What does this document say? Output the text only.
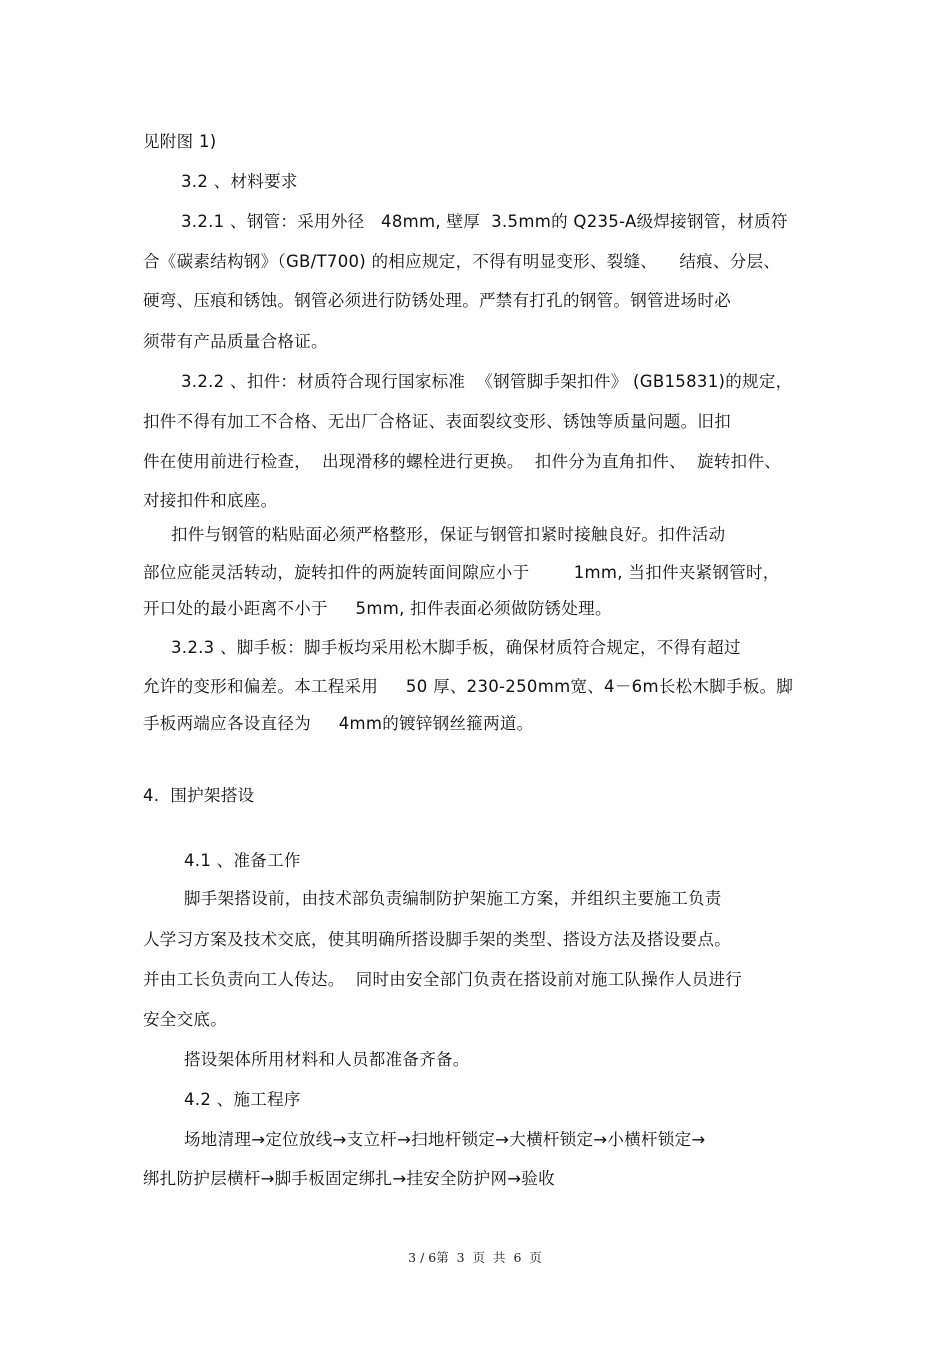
见附图 1)
3.2 、材料要求
3.2.1 、钢管：采用外径   48mm, 壁厚  3.5mm的 Q235-A级焊接钢管，材质符
合《碳素结构钢》（GB/T700) 的相应规定，不得有明显变形、裂缝、    结痕、分层、
硬弯、压痕和锈蚀。钢管必须进行防锈处理。严禁有打孔的钢管。钢管进场时必
须带有产品质量合格证。
3.2.2 、扣件：材质符合现行国家标准  《钢管脚手架扣件》 (GB15831)的规定，
扣件不得有加工不合格、无出厂合格证、表面裂纹变形、锈蚀等质量问题。旧扣
件在使用前进行检查，  出现滑移的螺栓进行更换。  扣件分为直角扣件、  旋转扣件、
对接扣件和底座。
扣件与钢管的粘贴面必须严格整形，保证与钢管扣紧时接触良好。扣件活动
部位应能灵活转动，旋转扣件的两旋转面间隙应小于        1mm, 当扣件夹紧钢管时，
开口处的最小距离不小于     5mm, 扣件表面必须做防锈处理。
3.2.3 、脚手板：脚手板均采用松木脚手板，确保材质符合规定，不得有超过
允许的变形和偏差。本工程采用     50 厚、230-250mm宽、4－6m长松木脚手板。脚
手板两端应各设直径为     4mm的镀锌钢丝箍两道。
4.  围护架搭设
4.1 、准备工作
脚手架搭设前，由技术部负责编制防护架施工方案，并组织主要施工负责
人学习方案及技术交底，使其明确所搭设脚手架的类型、搭设方法及搭设要点。
并由工长负责向工人传达。  同时由安全部门负责在搭设前对施工队操作人员进行
安全交底。
搭设架体所用材料和人员都准备齐备。
4.2 、施工程序
场地清理→定位放线→支立杆→扫地杆锁定→大横杆锁定→小横杆锁定→
绑扎防护层横杆→脚手板固定绑扎→挂安全防护网→验收
3 / 6第  3  页  共  6  页
